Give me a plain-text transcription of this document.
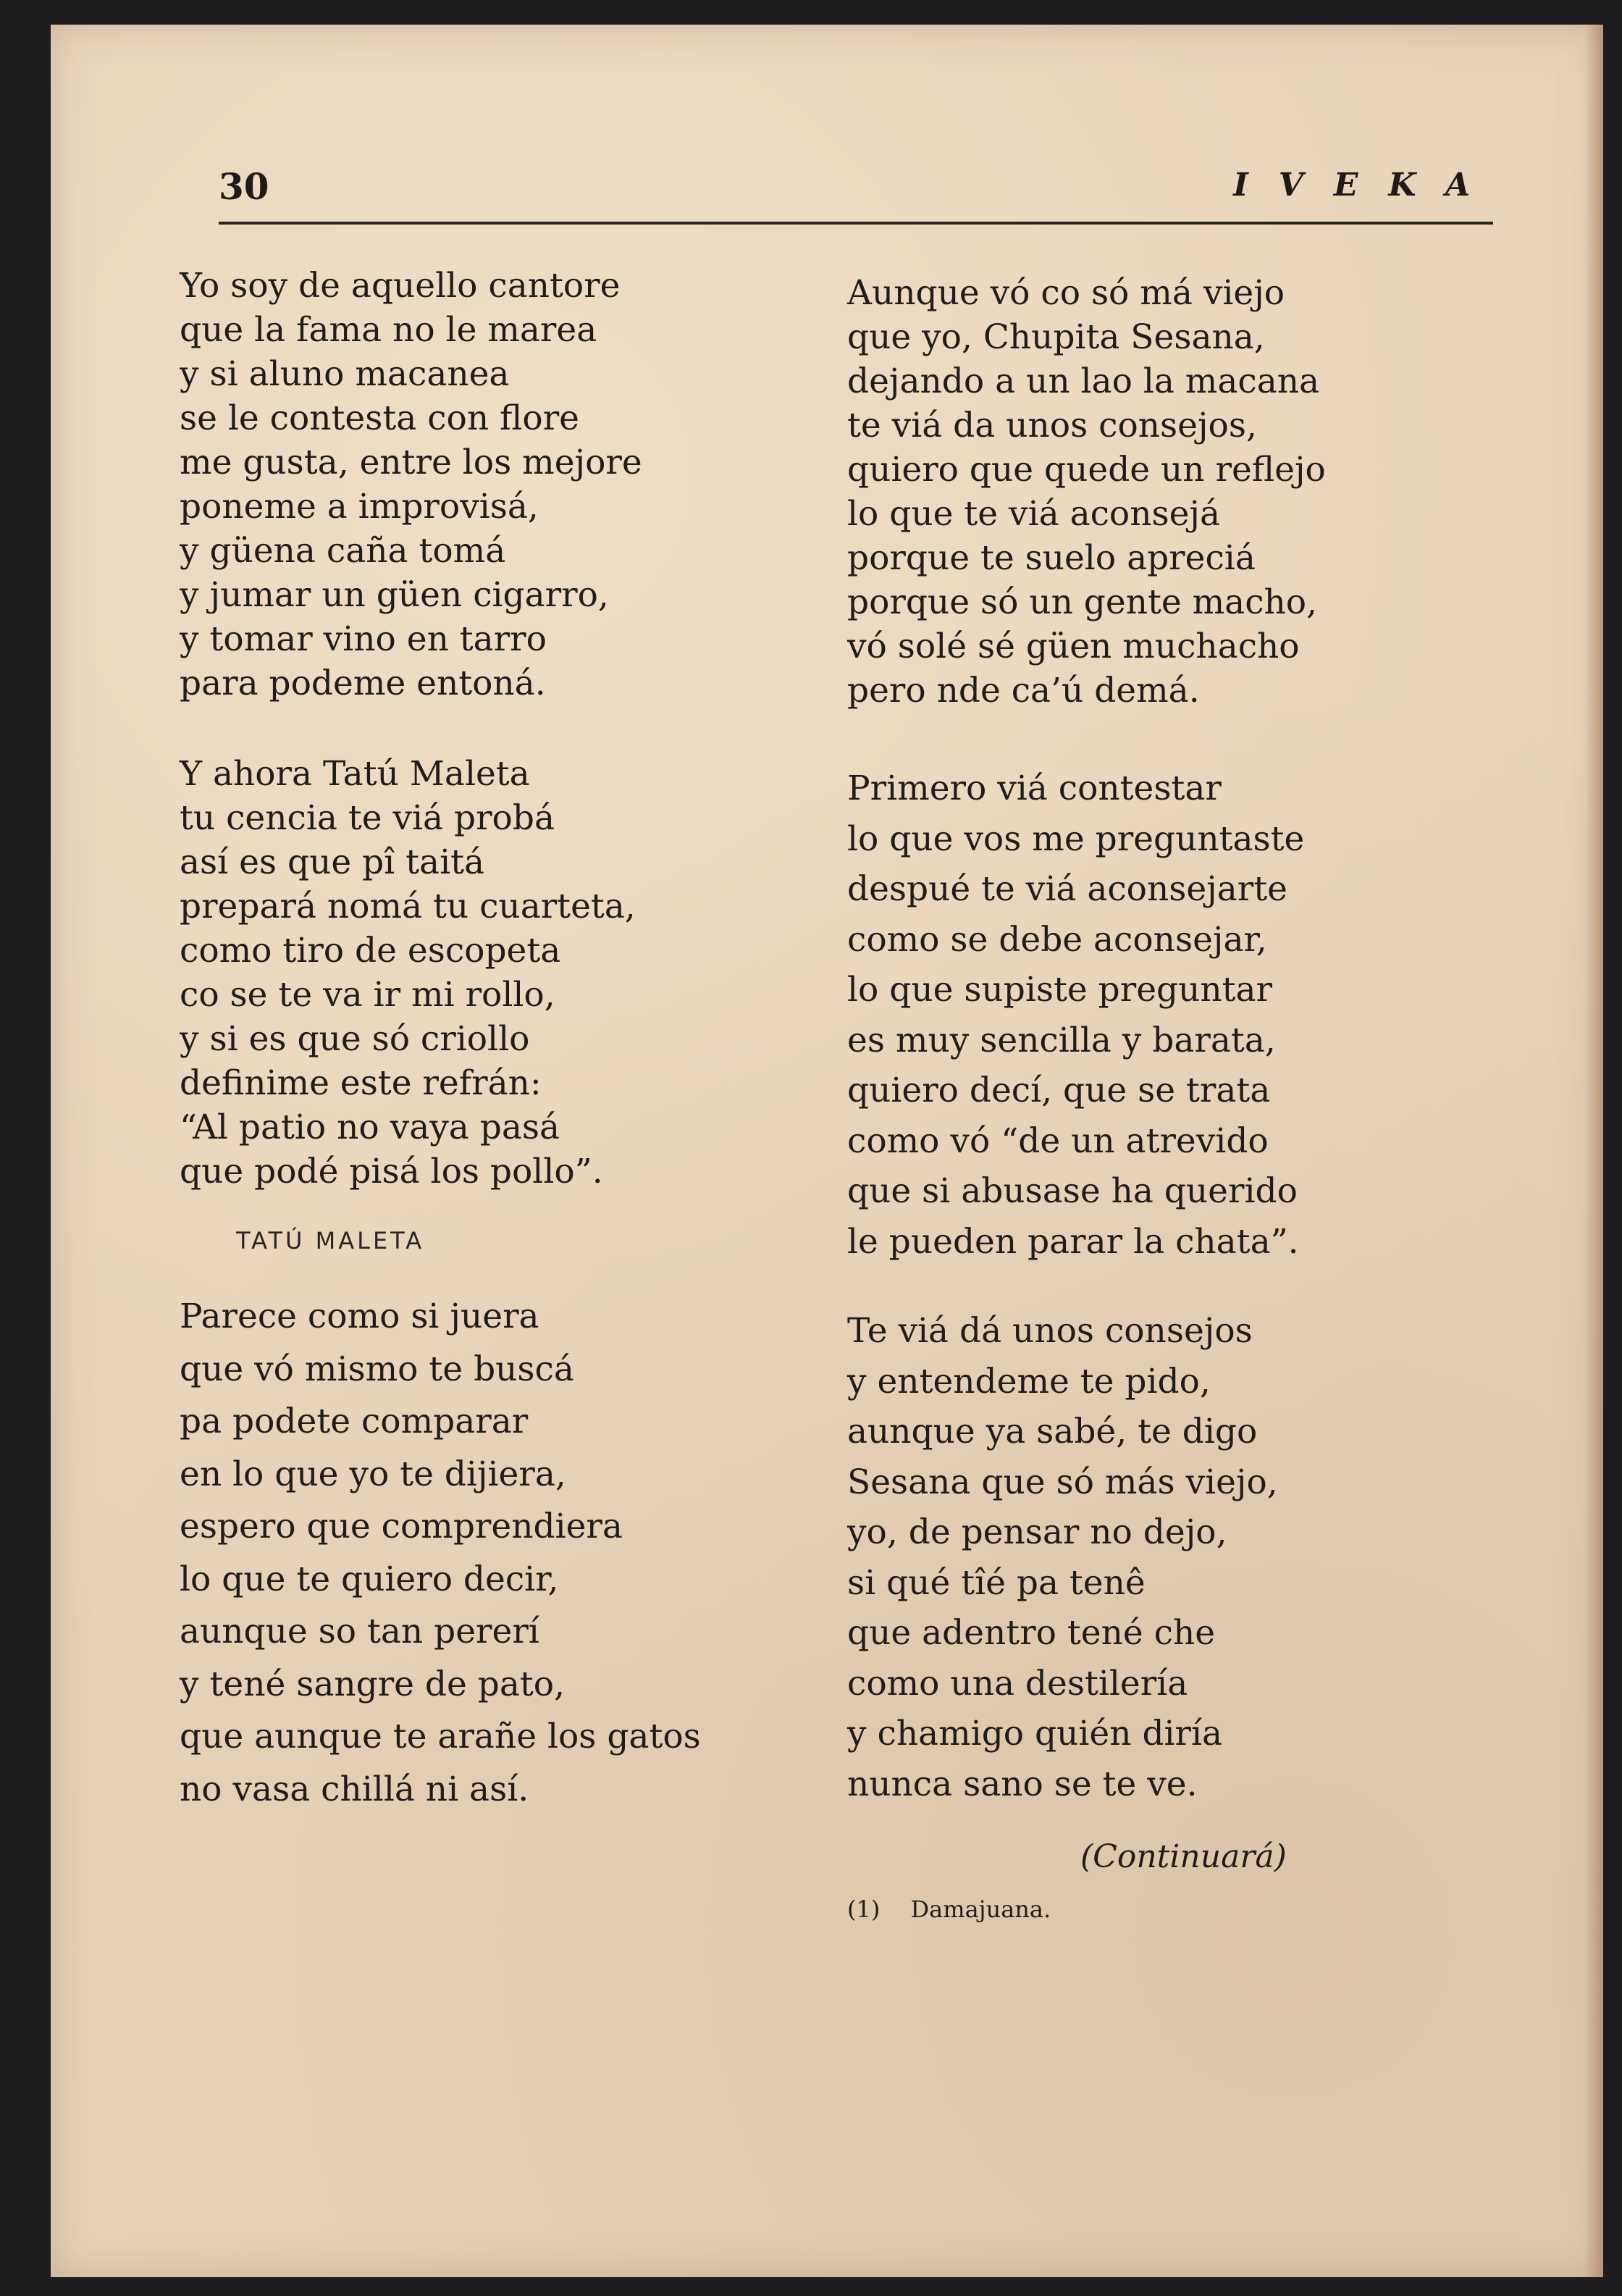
30	IVEKA
Yo soy de aquello cantore
que la fama no le marea
y si aluno macanea
se le contesta con flore
me gusta, entre los mejore
poneme a improvisá,
y güena caña tomá
y jumar un güen cigarro,
y tomar vino en tarro
para podeme entoná.
Y ahora Tatú Maleta
tu cencia te viá probá
así es que pî taitá
prepará nomá tu cuarteta,
como tiro de escopeta
co se te va ir mi rollo,
y si es que só criollo
definime este refrán:
“Al patio no vaya pasá
que podé pisá los pollo”.
TATÚ MALETA
Parece como si juera
que vó mismo te buscá
pa podete comparar
en lo que yo te dijiera,
espero que comprendiera
lo que te quiero decir,
aunque so tan pererí
y tené sangre de pato,
que aunque te arañe los gatos
no vasa chillá ni así.
Aunque vó co só má viejo
que yo, Chupita Sesana,
dejando a un lao la macana
te viá da unos consejos,
quiero que quede un reflejo
lo que te viá aconsejá
porque te suelo apreciá
porque só un gente macho,
vó solé sé güen muchacho
pero nde ca’ú demá.
Primero viá contestar
lo que vos me preguntaste
despué te viá aconsejarte
como se debe aconsejar,
lo que supiste preguntar
es muy sencilla y barata,
quiero decí, que se trata
como vó “de un atrevido
que si abusase ha querido
le pueden parar la chata”.
Te viá dá unos consejos
y entendeme te pido,
aunque ya sabé, te digo
Sesana que só más viejo,
yo, de pensar no dejo,
si qué tîé pa tenê
que adentro tené che
como una destilería
y chamigo quién diría
nunca sano se te ve.
(Continuará)
(1) Damajuana.
